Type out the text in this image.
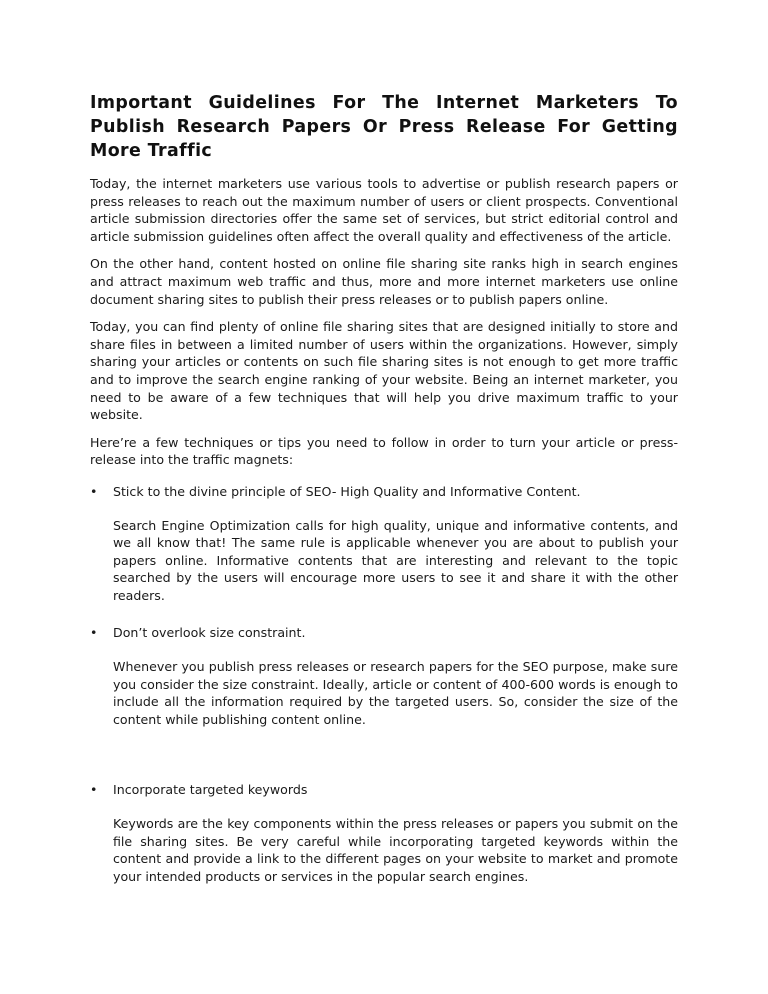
Important Guidelines For The Internet Marketers To Publish Research Papers Or Press Release For Getting More Traffic

Today, the internet marketers use various tools to advertise or publish research papers or press releases to reach out the maximum number of users or client prospects. Conventional article submission directories offer the same set of services, but strict editorial control and article submission guidelines often affect the overall quality and effectiveness of the article.

On the other hand, content hosted on online file sharing site ranks high in search engines and attract maximum web traffic and thus, more and more internet marketers use online document sharing sites to publish their press releases or to publish papers online.

Today, you can find plenty of online file sharing sites that are designed initially to store and share files in between a limited number of users within the organizations. However, simply sharing your articles or contents on such file sharing sites is not enough to get more traffic and to improve the search engine ranking of your website. Being an internet marketer, you need to be aware of a few techniques that will help you drive maximum traffic to your website.

Here’re a few techniques or tips you need to follow in order to turn your article or press-release into the traffic magnets:

• Stick to the divine principle of SEO- High Quality and Informative Content.

Search Engine Optimization calls for high quality, unique and informative contents, and we all know that! The same rule is applicable whenever you are about to publish your papers online. Informative contents that are interesting and relevant to the topic searched by the users will encourage more users to see it and share it with the other readers.

• Don’t overlook size constraint.

Whenever you publish press releases or research papers for the SEO purpose, make sure you consider the size constraint. Ideally, article or content of 400-600 words is enough to include all the information required by the targeted users. So, consider the size of the content while publishing content online.

• Incorporate targeted keywords

Keywords are the key components within the press releases or papers you submit on the file sharing sites. Be very careful while incorporating targeted keywords within the content and provide a link to the different pages on your website to market and promote your intended products or services in the popular search engines.
